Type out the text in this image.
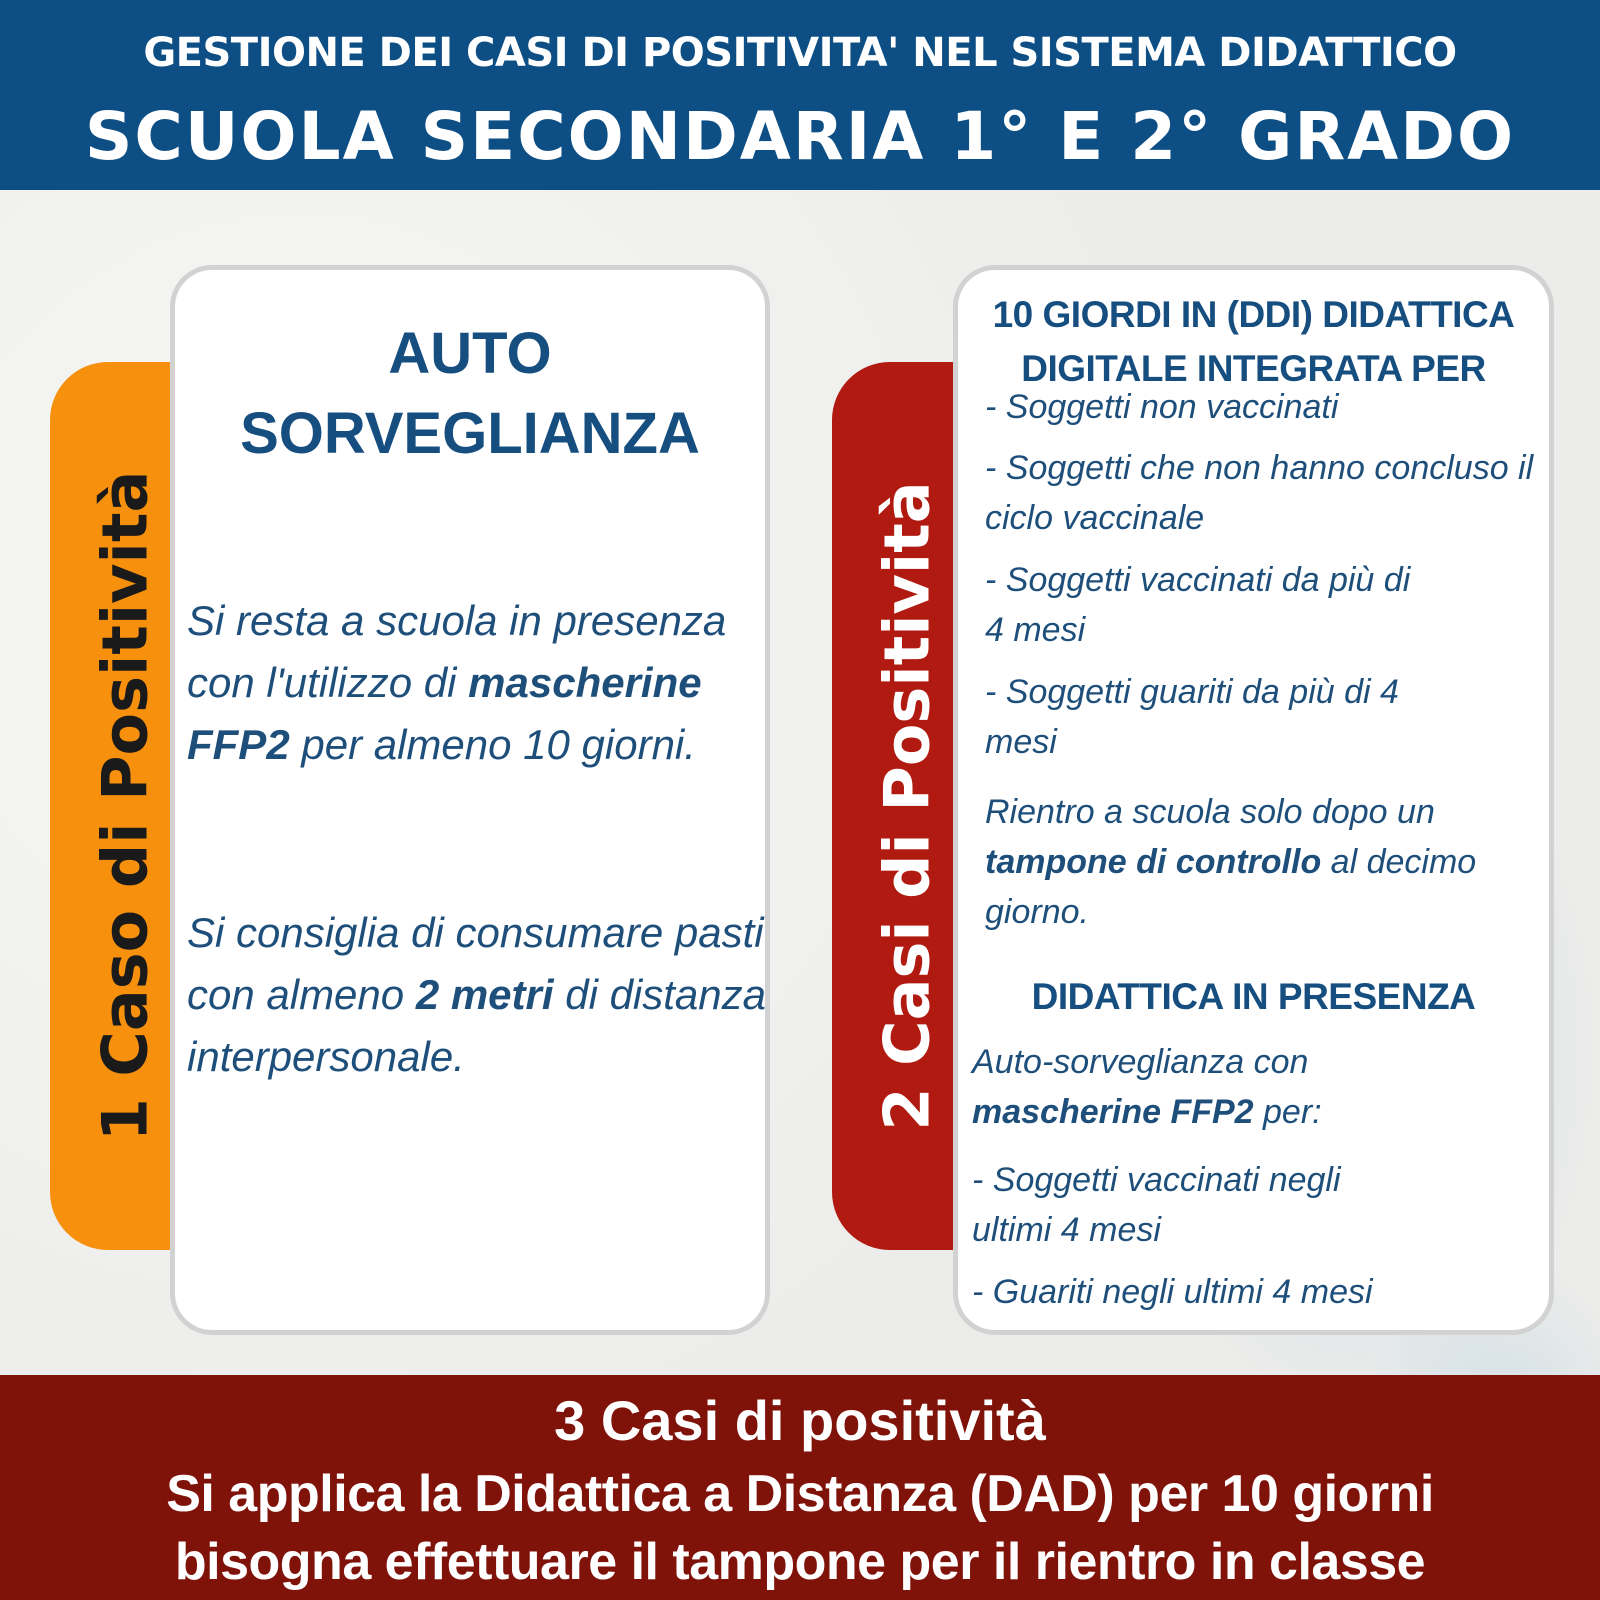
GESTIONE DEI CASI DI POSITIVITA' NEL SISTEMA DIDATTICO
SCUOLA SECONDARIA 1° E 2° GRADO
1 Caso di Positività
AUTO
SORVEGLIANZA
Si resta a scuola in presenza con l'utilizzo di mascherine FFP2 per almeno 10 giorni.
Si consiglia di consumare pasti con almeno 2 metri di distanza interpersonale.	2 Casi di Positività
10 GIORDI IN (DDI) DIDATTICA
DIGITALE INTEGRATA PER
- Soggetti non vaccinati
- Soggetti che non hanno concluso il ciclo vaccinale
- Soggetti vaccinati da più di 4 mesi
- Soggetti guariti da più di 4 mesi
Rientro a scuola solo dopo un tampone di controllo al decimo giorno.
DIDATTICA IN PRESENZA
Auto-sorveglianza con mascherine FFP2 per:
- Soggetti vaccinati negli ultimi 4 mesi
- Guariti negli ultimi 4 mesi
3 Casi di positività
Si applica la Didattica a Distanza (DAD) per 10 giorni
bisogna effettuare il tampone per il rientro in classe
